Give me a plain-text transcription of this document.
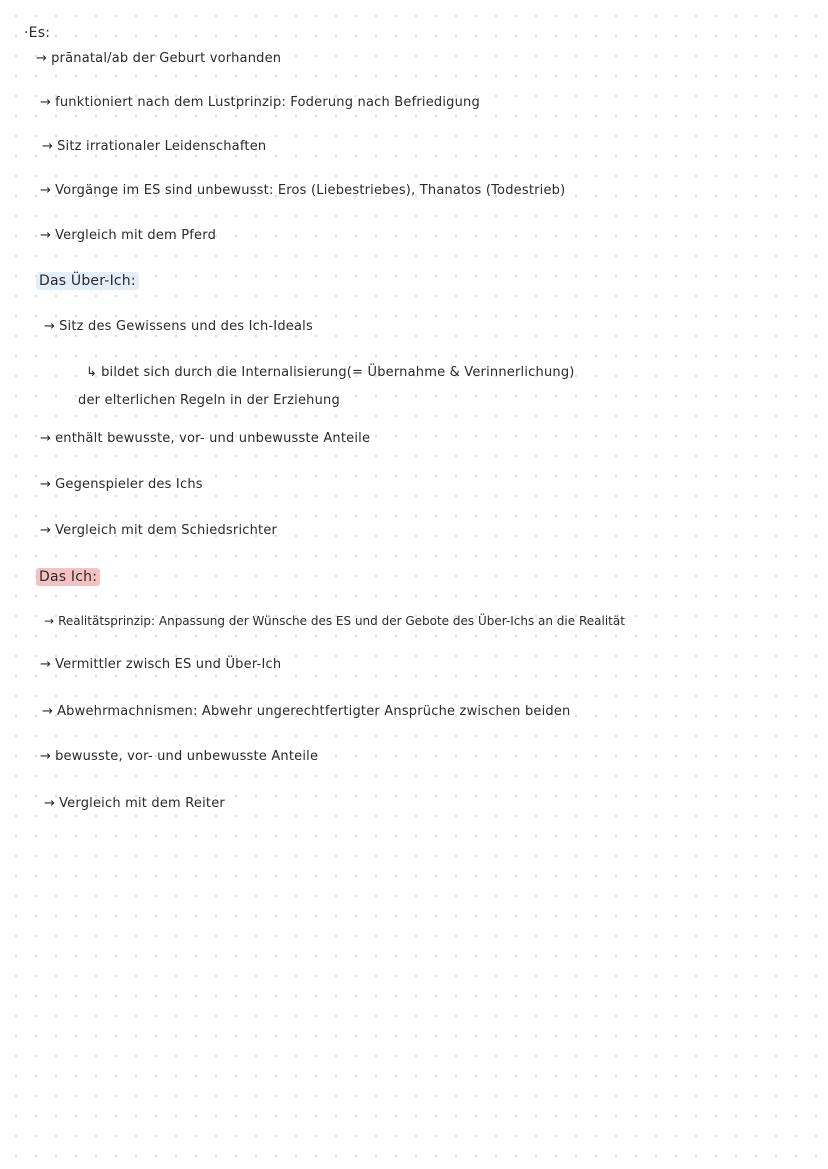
·Es:
→ prānatal/ab der Geburt vorhanden
→ funktioniert nach dem Lustprinzip: Foderung nach Befriedigung
→ Sitz irrationaler Leidenschaften
→ Vorgänge im ES sind unbewusst: Eros (Liebestriebes), Thanatos (Todestrieb)
→ Vergleich mit dem Pferd
Das Über-Ich:
→ Sitz des Gewissens und des Ich-Ideals
↳ bildet sich durch die Internalisierung(= Übernahme & Verinnerlichung)
der elterlichen Regeln in der Erziehung
→ enthält bewusste, vor- und unbewusste Anteile
→ Gegenspieler des Ichs
→ Vergleich mit dem Schiedsrichter
Das Ich:
→ Realitätsprinzip: Anpassung der Wünsche des ES und der Gebote des Über-Ichs an die Realität
→ Vermittler zwisch ES und Über-Ich
→ Abwehrmachnismen: Abwehr ungerechtfertigter Ansprüche zwischen beiden
→ bewusste, vor- und unbewusste Anteile
→ Vergleich mit dem Reiter
